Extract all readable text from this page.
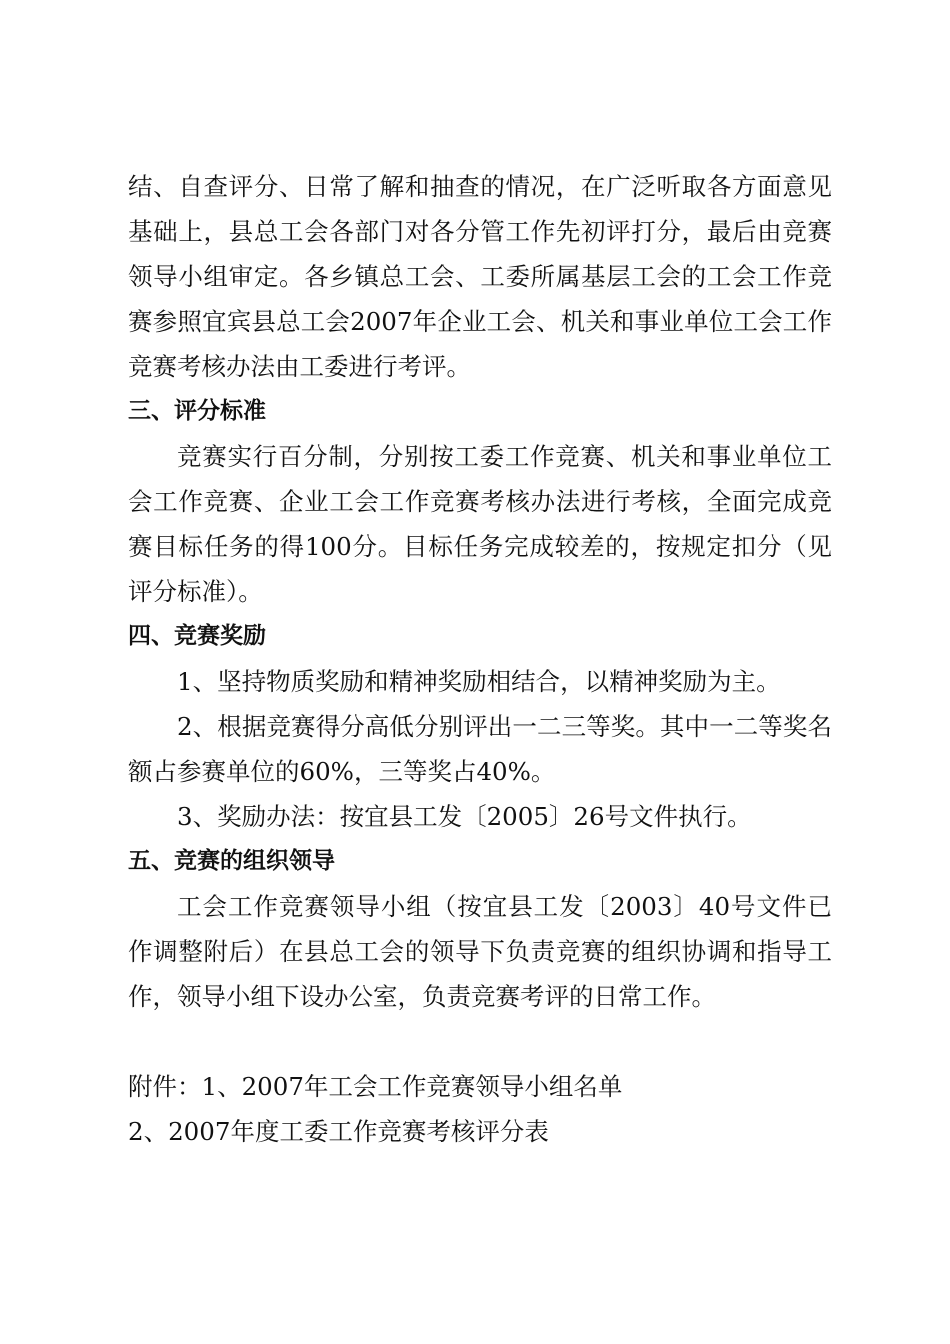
结、自查评分、日常了解和抽查的情况，在广泛听取各方面意见基础上，县总工会各部门对各分管工作先初评打分，最后由竞赛领导小组审定。各乡镇总工会、工委所属基层工会的工会工作竞赛参照宜宾县总工会2007年企业工会、机关和事业单位工会工作竞赛考核办法由工委进行考评。

三、评分标准

竞赛实行百分制，分别按工委工作竞赛、机关和事业单位工会工作竞赛、企业工会工作竞赛考核办法进行考核，全面完成竞赛目标任务的得100分。目标任务完成较差的，按规定扣分（见评分标准）。

四、竞赛奖励

1、坚持物质奖励和精神奖励相结合，以精神奖励为主。

2、根据竞赛得分高低分别评出一二三等奖。其中一二等奖名额占参赛单位的60%，三等奖占40%。

3、奖励办法：按宜县工发〔2005〕26号文件执行。

五、竞赛的组织领导

工会工作竞赛领导小组（按宜县工发〔2003〕40号文件已作调整附后）在县总工会的领导下负责竞赛的组织协调和指导工作，领导小组下设办公室，负责竞赛考评的日常工作。

附件：1、2007年工会工作竞赛领导小组名单

2、2007年度工委工作竞赛考核评分表
